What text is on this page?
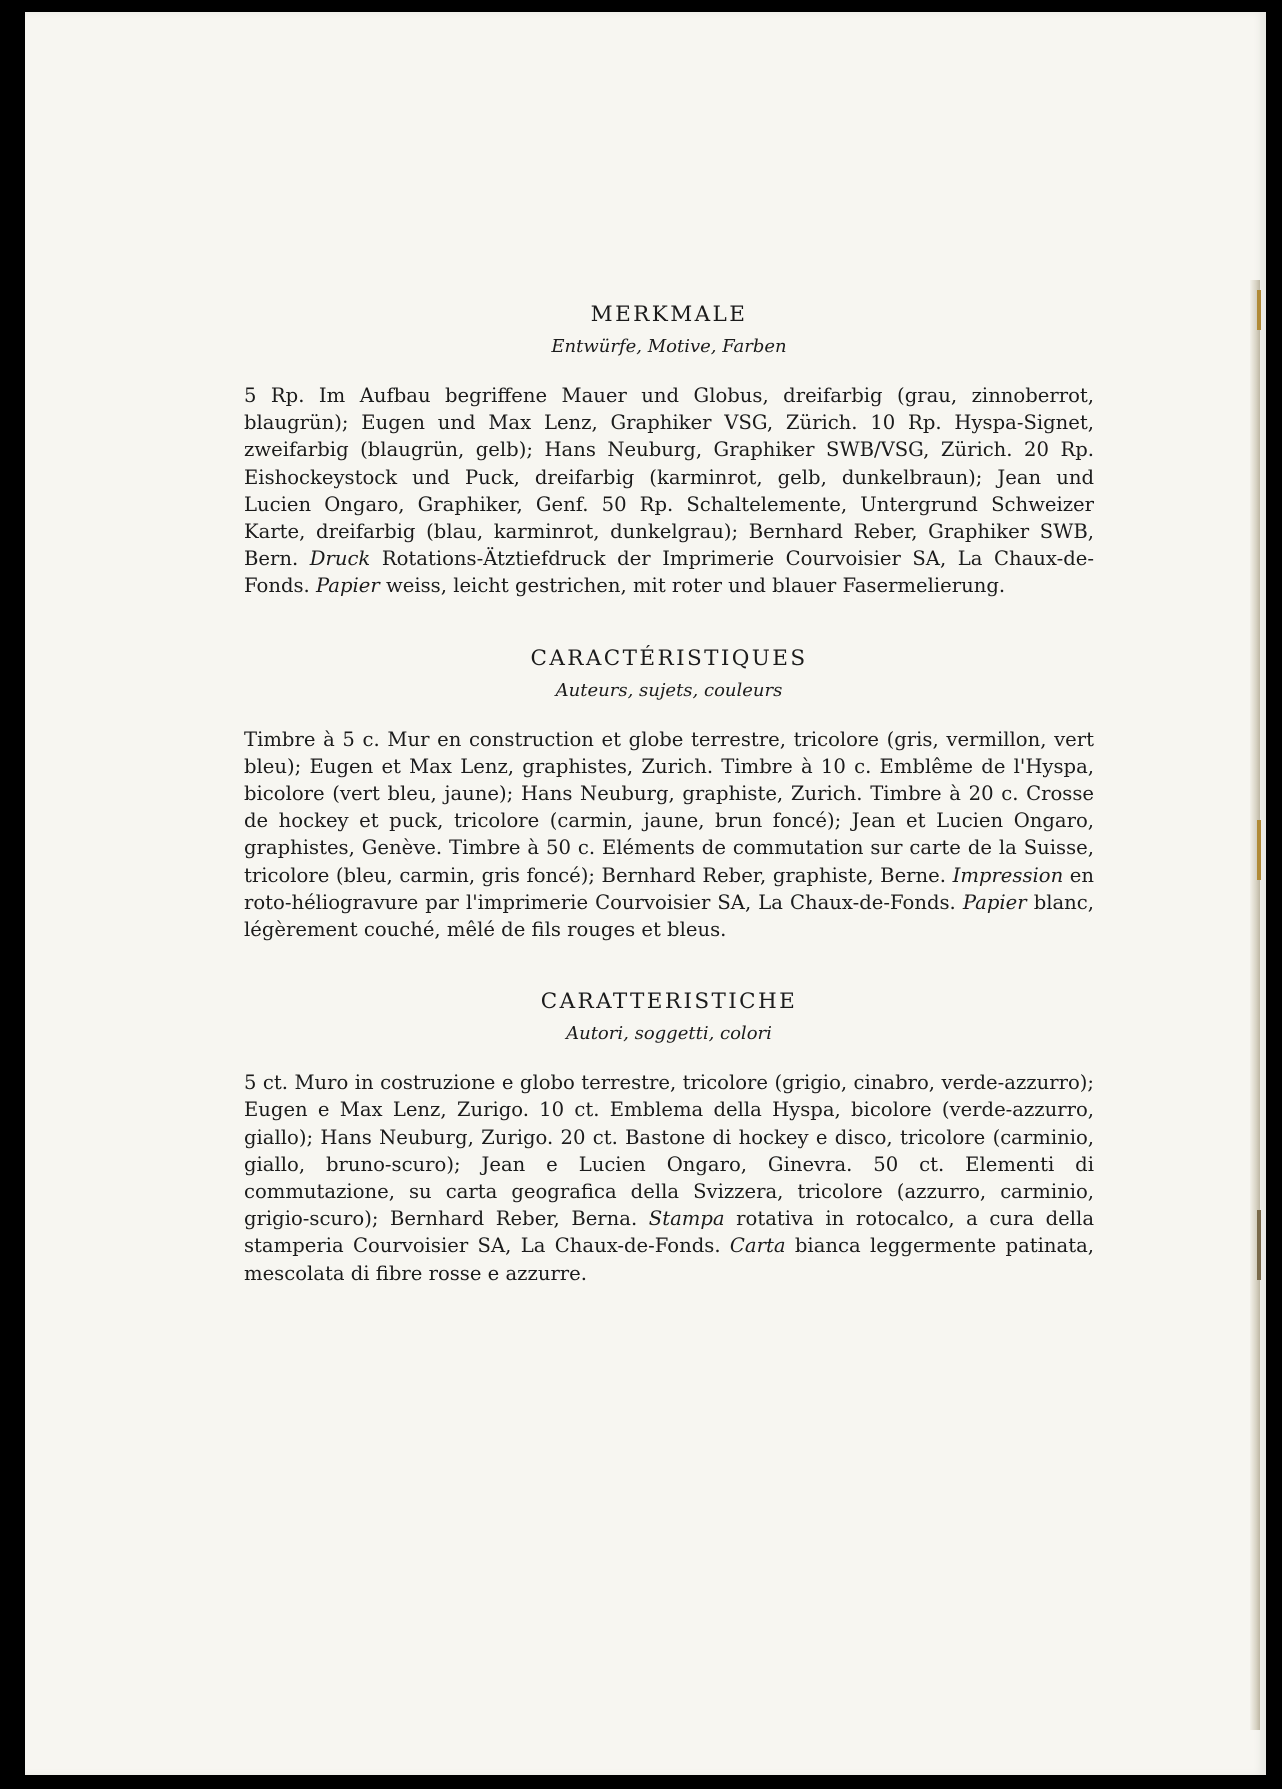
MERKMALE
Entwürfe, Motive, Farben

5 Rp. Im Aufbau begriffene Mauer und Globus, dreifarbig (grau, zinnoberrot, blaugrün); Eugen und Max Lenz, Graphiker VSG, Zürich. 10 Rp. Hyspa-Signet, zweifarbig (blaugrün, gelb); Hans Neuburg, Graphiker SWB/VSG, Zürich. 20 Rp. Eishockeystock und Puck, dreifarbig (karminrot, gelb, dunkelbraun); Jean und Lucien Ongaro, Graphiker, Genf. 50 Rp. Schaltelemente, Untergrund Schweizer Karte, dreifarbig (blau, karminrot, dunkelgrau); Bernhard Reber, Graphiker SWB, Bern. Druck Rotations-Ätztiefdruck der Imprimerie Courvoisier SA, La Chaux-de-Fonds. Papier weiss, leicht gestrichen, mit roter und blauer Fasermelierung.

CARACTÉRISTIQUES
Auteurs, sujets, couleurs

Timbre à 5 c. Mur en construction et globe terrestre, tricolore (gris, vermillon, vert bleu); Eugen et Max Lenz, graphistes, Zurich. Timbre à 10 c. Emblême de l'Hyspa, bicolore (vert bleu, jaune); Hans Neuburg, graphiste, Zurich. Timbre à 20 c. Crosse de hockey et puck, tricolore (carmin, jaune, brun foncé); Jean et Lucien Ongaro, graphistes, Genève. Timbre à 50 c. Eléments de commutation sur carte de la Suisse, tricolore (bleu, carmin, gris foncé); Bernhard Reber, graphiste, Berne. Impression en roto-héliogravure par l'imprimerie Courvoisier SA, La Chaux-de-Fonds. Papier blanc, légèrement couché, mêlé de fils rouges et bleus.

CARATTERISTICHE
Autori, soggetti, colori

5 ct. Muro in costruzione e globo terrestre, tricolore (grigio, cinabro, verde-azzurro); Eugen e Max Lenz, Zurigo. 10 ct. Emblema della Hyspa, bicolore (verde-azzurro, giallo); Hans Neuburg, Zurigo. 20 ct. Bastone di hockey e disco, tricolore (carminio, giallo, bruno-scuro); Jean e Lucien Ongaro, Ginevra. 50 ct. Elementi di commutazione, su carta geografica della Svizzera, tricolore (azzurro, carminio, grigio-scuro); Bernhard Reber, Berna. Stampa rotativa in rotocalco, a cura della stamperia Courvoisier SA, La Chaux-de-Fonds. Carta bianca leggermente patinata, mescolata di fibre rosse e azzurre.
